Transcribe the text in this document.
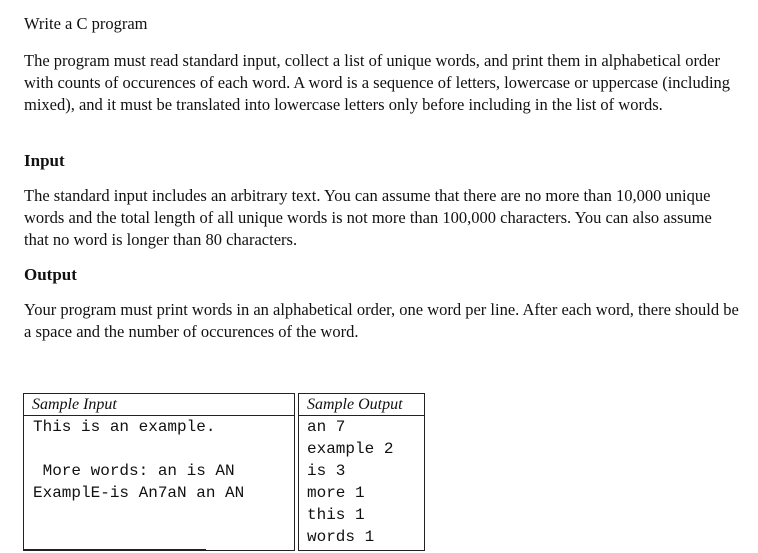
Write a C program

The program must read standard input, collect a list of unique words, and print them in alphabetical order with counts of occurences of each word. A word is a sequence of letters, lowercase or uppercase (including mixed), and it must be translated into lowercase letters only before including in the list of words.

Input

The standard input includes an arbitrary text. You can assume that there are no more than 10,000 unique words and the total length of all unique words is not more than 100,000 characters. You can also assume that no word is longer than 80 characters.

Output

Your program must print words in an alphabetical order, one word per line. After each word, there should be a space and the number of occurences of the word.

Sample Input
This is an example.

More words: an is AN
ExamplE-is An7aN an AN
Sample Output
an 7
example 2
is 3
more 1
this 1
words 1
